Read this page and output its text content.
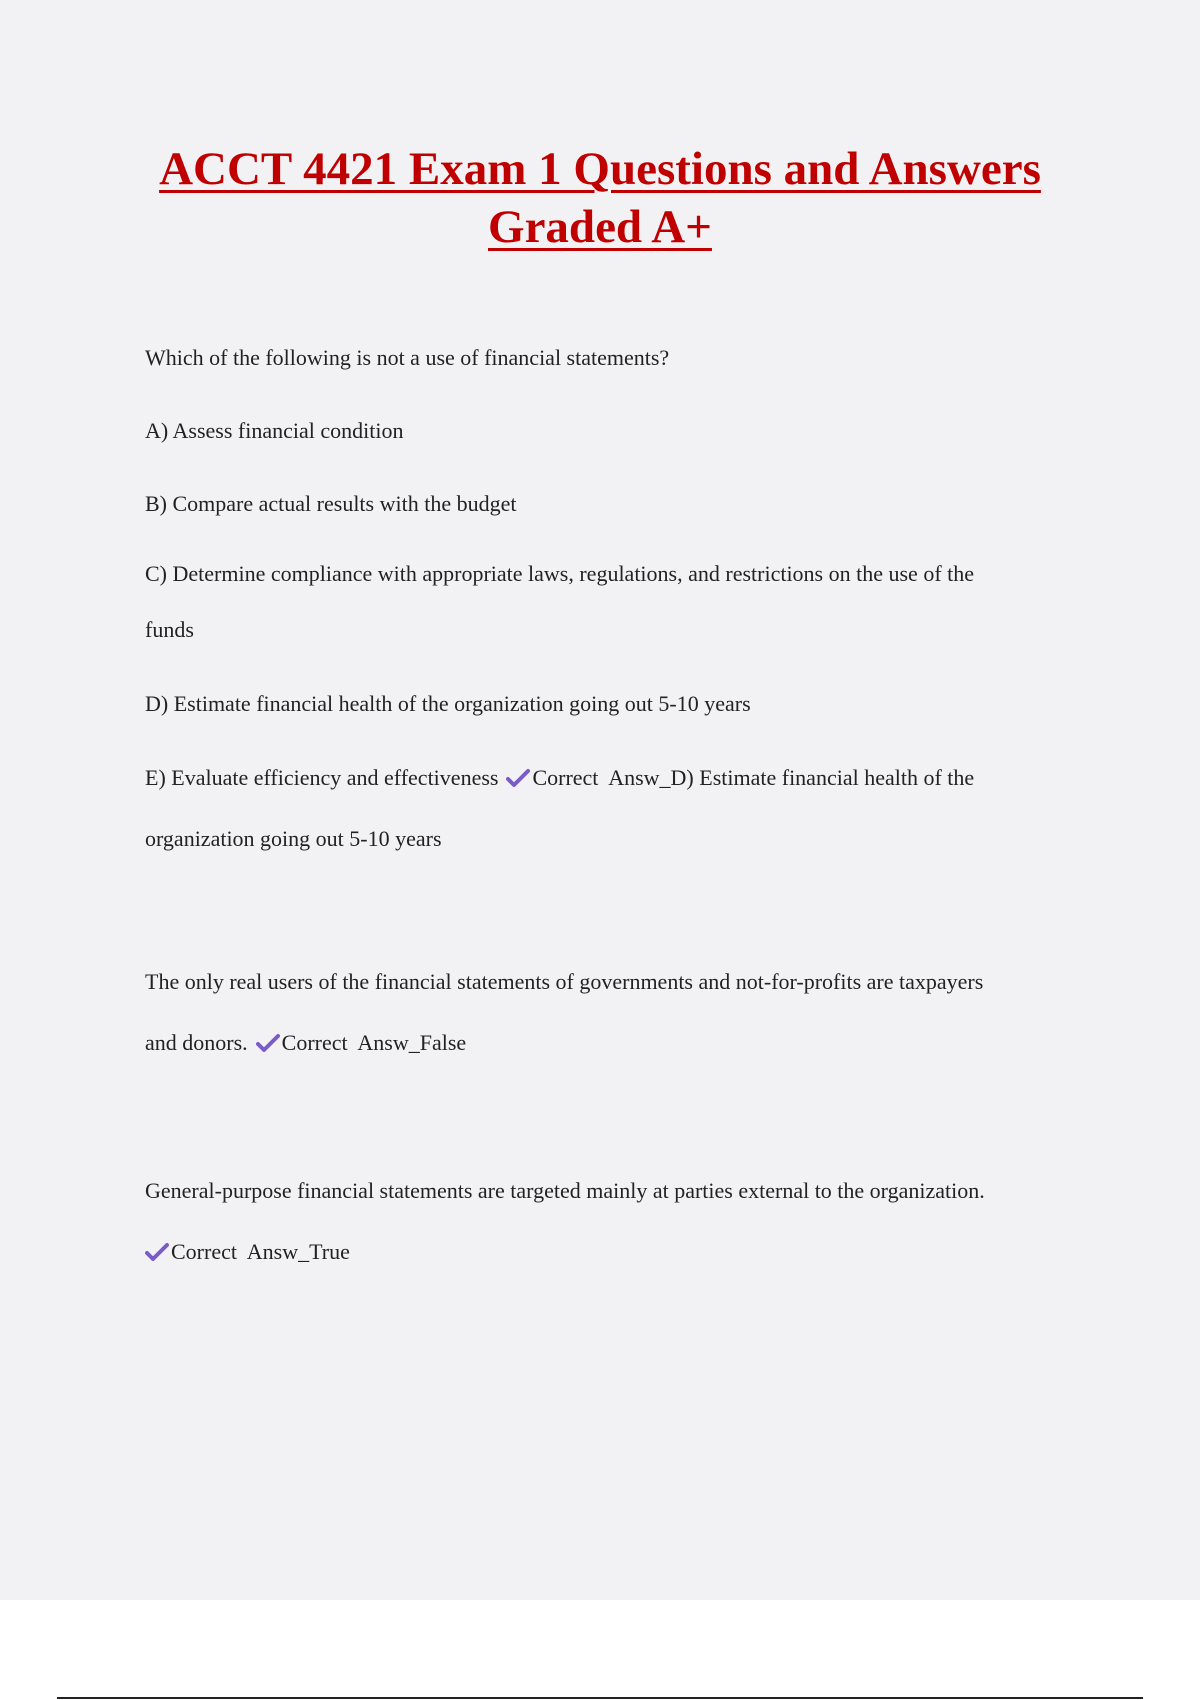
ACCT 4421 Exam 1 Questions and Answers
Graded A+

Which of the following is not a use of financial statements?

A) Assess financial condition

B) Compare actual results with the budget

C) Determine compliance with appropriate laws, regulations, and restrictions on the use of the

funds

D) Estimate financial health of the organization going out 5-10 years

E) Evaluate efficiency and effectiveness Correct  Answ_D) Estimate financial health of the

organization going out 5-10 years

The only real users of the financial statements of governments and not-for-profits are taxpayers

and donors. Correct  Answ_False

General-purpose financial statements are targeted mainly at parties external to the organization.

Correct  Answ_True
